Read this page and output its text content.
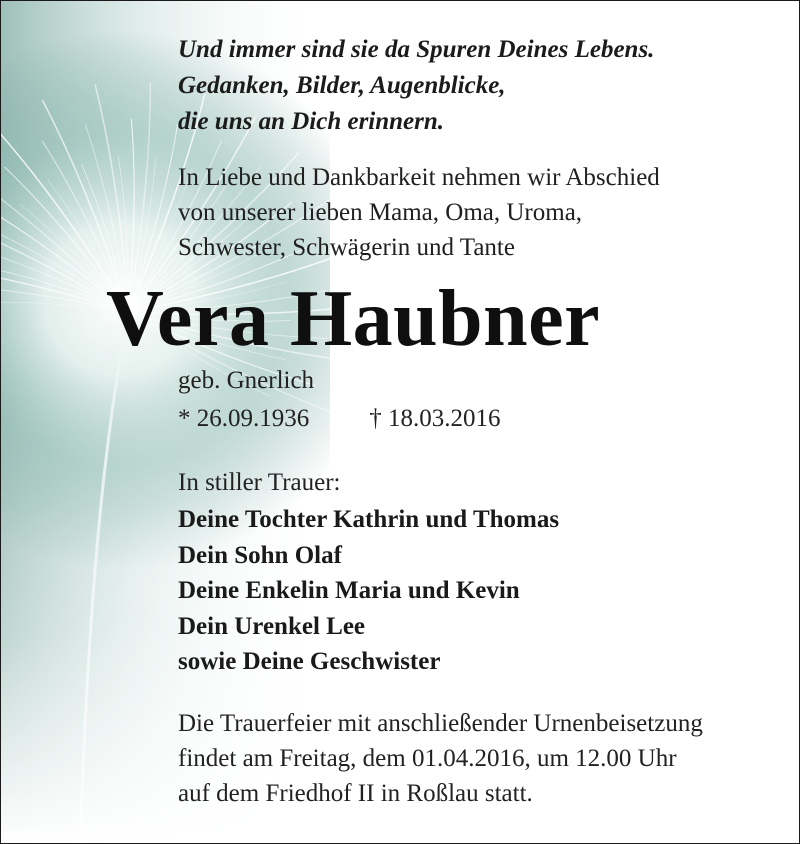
Und immer sind sie da Spuren Deines Lebens.
Gedanken, Bilder, Augenblicke,
die uns an Dich erinnern.
In Liebe und Dankbarkeit nehmen wir Abschied
von unserer lieben Mama, Oma, Uroma,
Schwester, Schwägerin und Tante
Vera Haubner
geb. Gnerlich
* 26.09.1936 † 18.03.2016
In stiller Trauer:
Deine Tochter Kathrin und Thomas
Dein Sohn Olaf
Deine Enkelin Maria und Kevin
Dein Urenkel Lee
sowie Deine Geschwister
Die Trauerfeier mit anschließender Urnenbeisetzung
findet am Freitag, dem 01.04.2016, um 12.00 Uhr
auf dem Friedhof II in Roßlau statt.
